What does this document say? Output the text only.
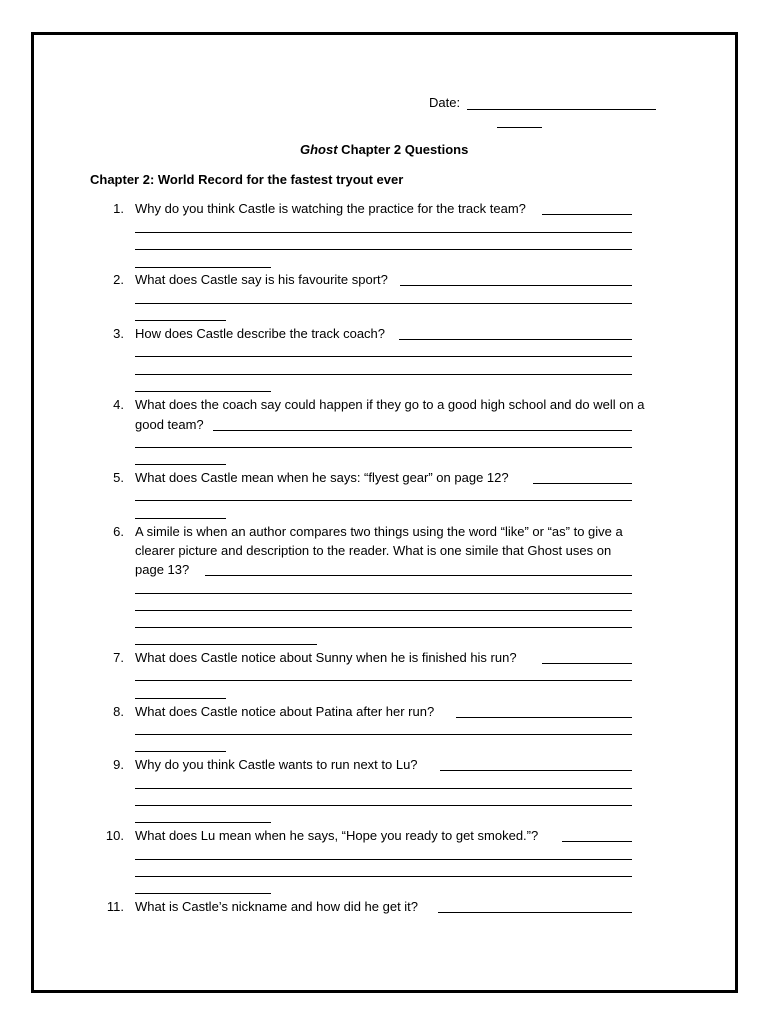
Date:
Ghost Chapter 2 Questions
Chapter 2: World Record for the fastest tryout ever
1. Why do you think Castle is watching the practice for the track team?
2. What does Castle say is his favourite sport?
3. How does Castle describe the track coach?
4. What does the coach say could happen if they go to a good high school and do well on a
good team?
5. What does Castle mean when he says: “flyest gear” on page 12?
6. A simile is when an author compares two things using the word “like” or “as” to give a
clearer picture and description to the reader. What is one simile that Ghost uses on
page 13?
7. What does Castle notice about Sunny when he is finished his run?
8. What does Castle notice about Patina after her run?
9. Why do you think Castle wants to run next to Lu?
10. What does Lu mean when he says, “Hope you ready to get smoked.”?
11. What is Castle’s nickname and how did he get it?
